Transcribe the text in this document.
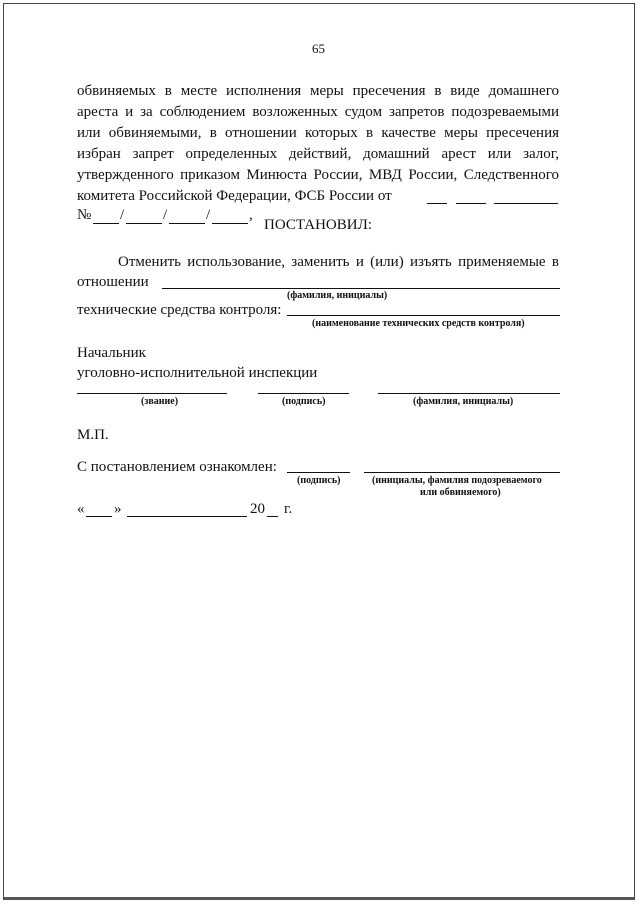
65
обвиняемых в месте исполнения меры пресечения в виде домашнего
ареста и за соблюдением возложенных судом запретов подозреваемыми
или обвиняемыми, в отношении которых в качестве меры пресечения
избран запрет определенных действий, домашний арест или залог,
утвержденного приказом Минюста России, МВД России, Следственного
комитета Российской Федерации, ФСБ России от
№ /	/	/	,
ПОСТАНОВИЛ:
Отменить использование, заменить и (или) изъять применяемые в
отношении
(фамилия, инициалы)
технические средства контроля:
(наименование технических средств контроля)
Начальник
уголовно-исполнительной инспекции
(звание)	(подпись)	(фамилия, инициалы)
М.П.
С постановлением ознакомлен:
(подпись)	(инициалы, фамилия подозреваемого
или обвиняемого)
« »	20 г.
